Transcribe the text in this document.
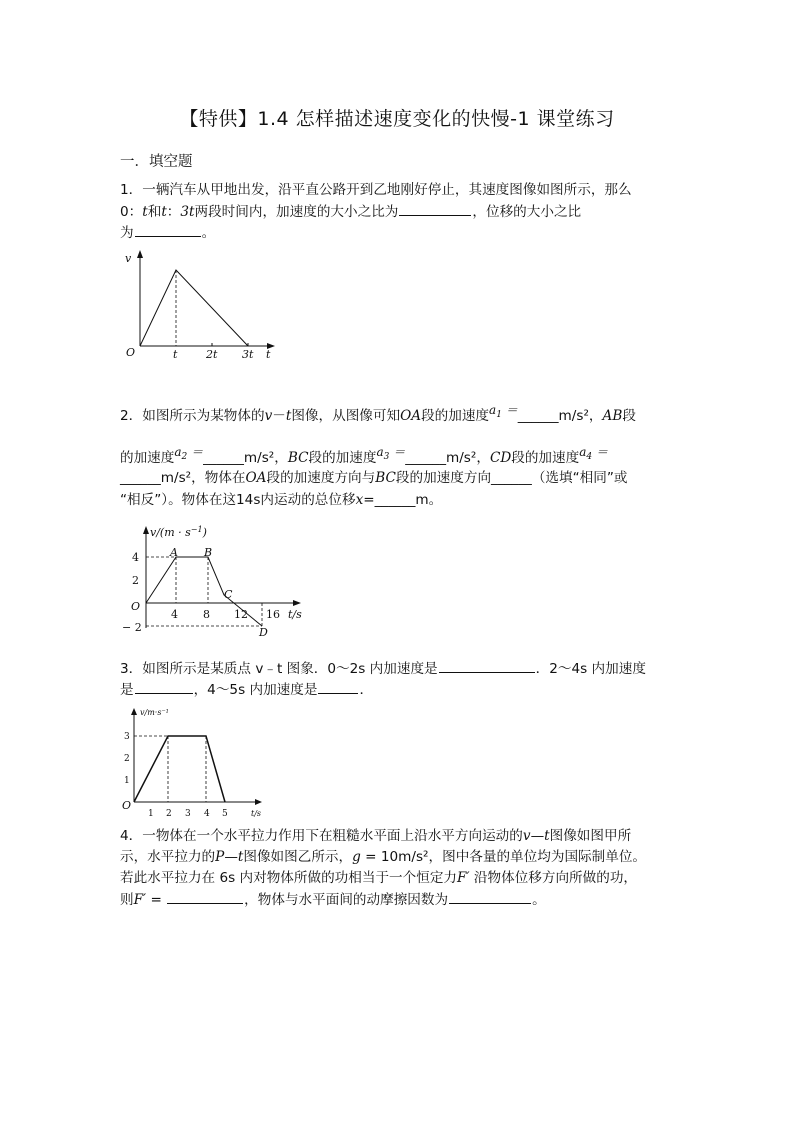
【特供】1.4 怎样描述速度变化的快慢-1 课堂练习
一．填空题

1．一辆汽车从甲地出发，沿平直公路开到乙地刚好停止，其速度图像如图所示，那么

0：t和t：3t两段时间内，加速度的大小之比为	，位移的大小之比

为	。

v
O	t	2t 3t t

2．如图所示为某物体的v－t图像，从图像可知OA段的加速度$a_1$ ＝______m/s²，AB段

的加速度$a_2$ ＝______m/s²，BC段的加速度$a_3$ ＝______m/s²，CD段的加速度$a_4$ ＝

______m/s²，物体在OA段的加速度方向与BC段的加速度方向______（选填“相同”或

“相反”）。物体在这14s内运动的总位移x=______m。

$v/(m \cdot s^{-1})$
4
2
O
− 2
4 8 12 16 t/s
A B
C
D

3．如图所示是某质点 v﹣t 图象．0～2s 内加速度是	．2～4s 内加速度

是	，4～5s 内加速度是	．

v/m·s⁻¹
3
2
1
O
1 2 3 4 5	t/s

4．一物体在一个水平拉力作用下在粗糙水平面上沿水平方向运动的v—t图像如图甲所

示，水平拉力的P—t图像如图乙所示，g = 10m/s²，图中各量的单位均为国际制单位。

若此水平拉力在 6s 内对物体所做的功相当于一个恒定力F′ 沿物体位移方向所做的功，

则F′ =	，物体与水平面间的动摩擦因数为	。
